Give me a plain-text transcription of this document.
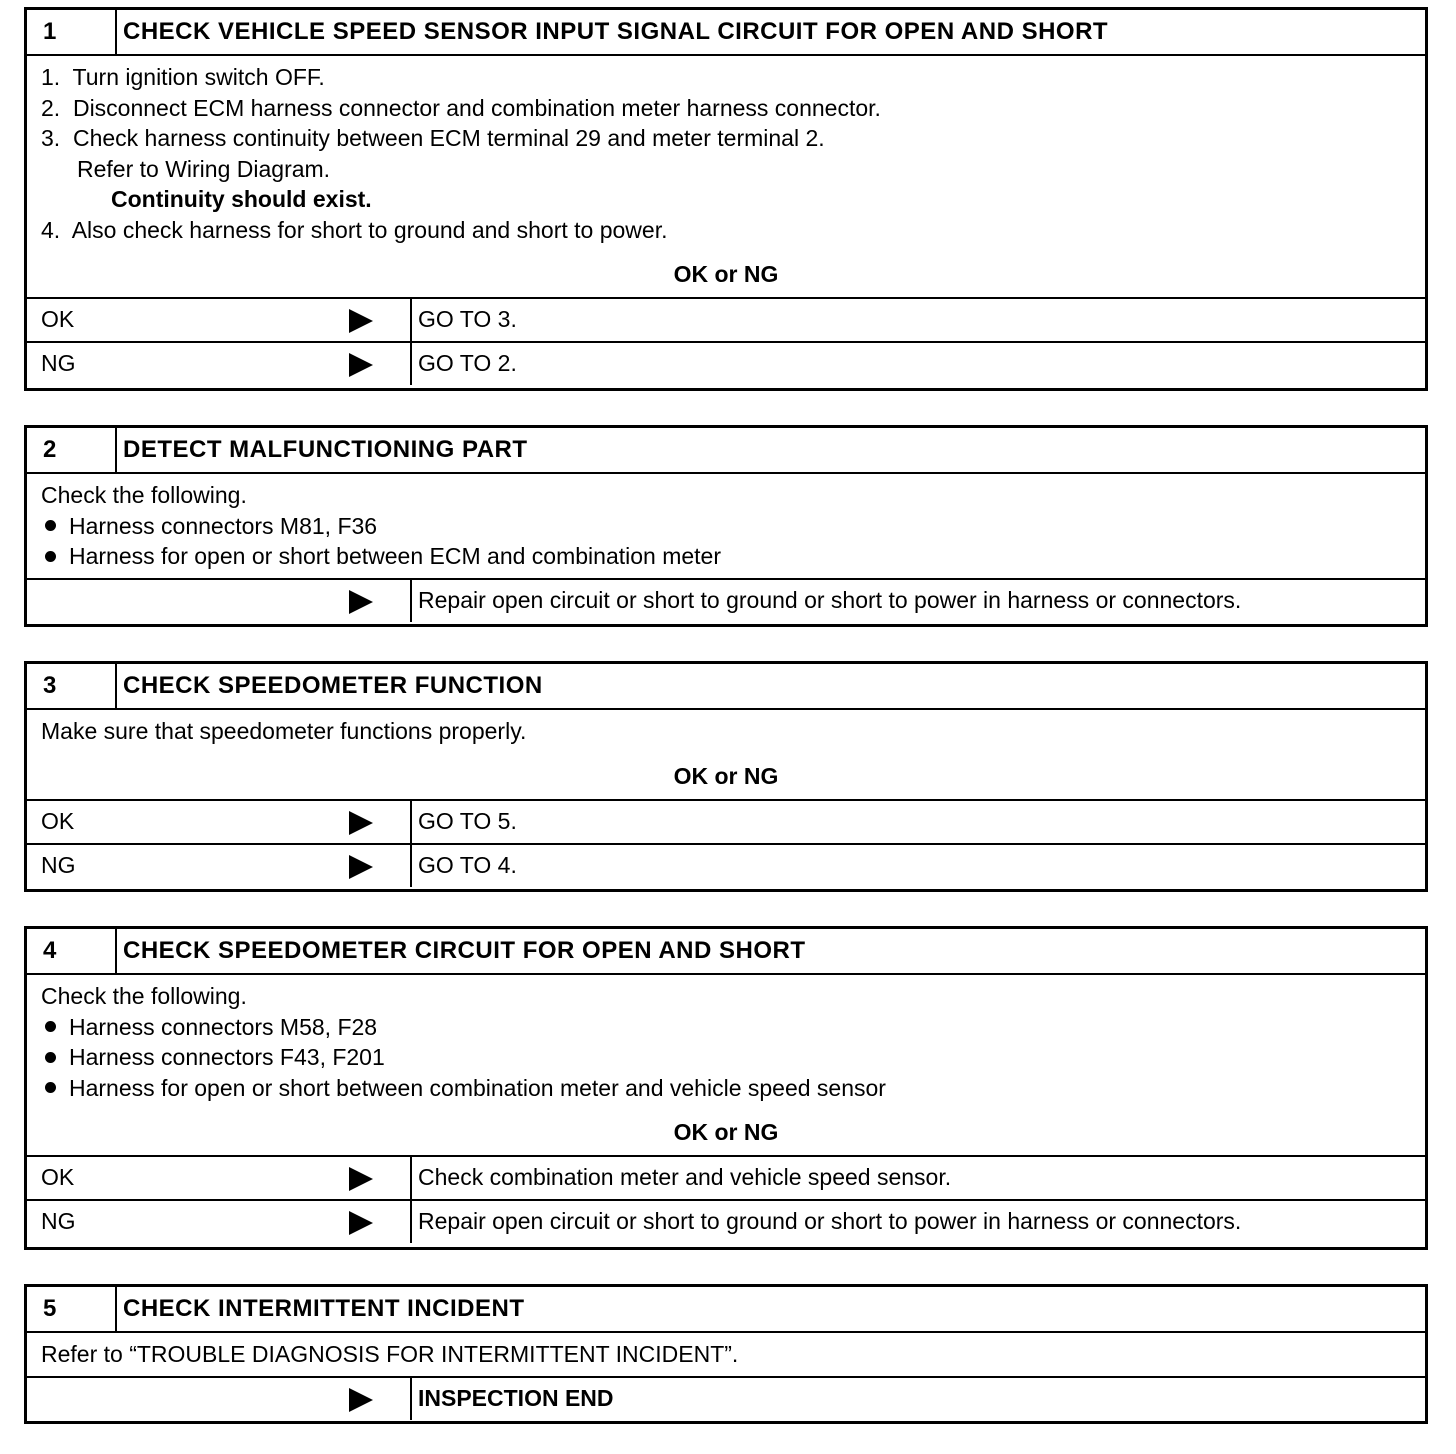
1	CHECK VEHICLE SPEED SENSOR INPUT SIGNAL CIRCUIT FOR OPEN AND SHORT
1.  Turn ignition switch OFF.
2.  Disconnect ECM harness connector and combination meter harness connector.
3.  Check harness continuity between ECM terminal 29 and meter terminal 2.
Refer to Wiring Diagram.
Continuity should exist.
4.  Also check harness for short to ground and short to power.
OK or NG
OK	GO TO 3.
NG	GO TO 2.
2	DETECT MALFUNCTIONING PART
Check the following.
Harness connectors M81, F36
Harness for open or short between ECM and combination meter
Repair open circuit or short to ground or short to power in harness or connectors.
3	CHECK SPEEDOMETER FUNCTION
Make sure that speedometer functions properly.
OK or NG
OK	GO TO 5.
NG	GO TO 4.
4	CHECK SPEEDOMETER CIRCUIT FOR OPEN AND SHORT
Check the following.
Harness connectors M58, F28
Harness connectors F43, F201
Harness for open or short between combination meter and vehicle speed sensor
OK or NG
OK	Check combination meter and vehicle speed sensor.
NG	Repair open circuit or short to ground or short to power in harness or connectors.
5	CHECK INTERMITTENT INCIDENT
Refer to “TROUBLE DIAGNOSIS FOR INTERMITTENT INCIDENT”.
INSPECTION END
